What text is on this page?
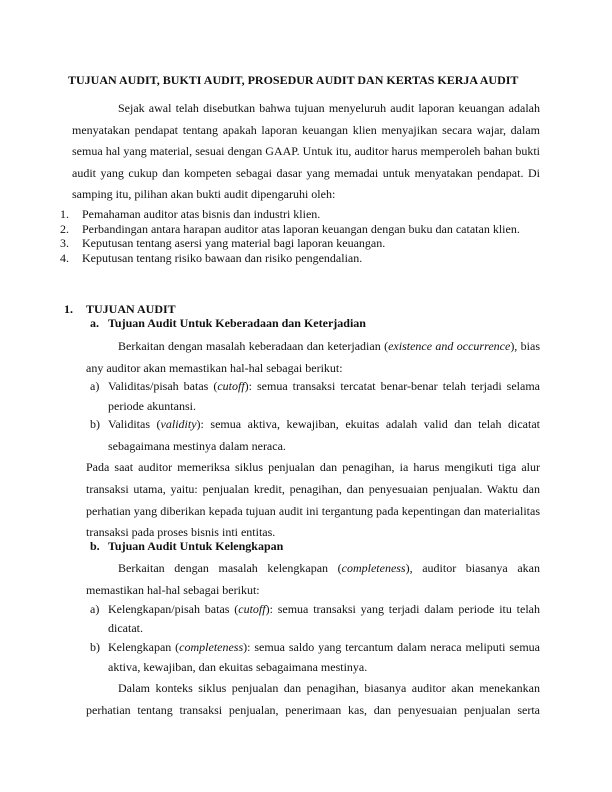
TUJUAN AUDIT, BUKTI AUDIT, PROSEDUR AUDIT DAN KERTAS KERJA AUDIT
Sejak awal telah disebutkan bahwa tujuan menyeluruh audit laporan keuangan adalah
menyatakan pendapat tentang apakah laporan keuangan klien menyajikan secara wajar, dalam
semua hal yang material, sesuai dengan GAAP. Untuk itu, auditor harus memperoleh bahan bukti
audit yang cukup dan kompeten sebagai dasar yang memadai untuk menyatakan pendapat. Di
samping itu, pilihan akan bukti audit dipengaruhi oleh:
1. Pemahaman auditor atas bisnis dan industri klien.
2. Perbandingan antara harapan auditor atas laporan keuangan dengan buku dan catatan klien.
3. Keputusan tentang asersi yang material bagi laporan keuangan.
4. Keputusan tentang risiko bawaan dan risiko pengendalian.
1. TUJUAN AUDIT
a. Tujuan Audit Untuk Keberadaan dan Keterjadian
Berkaitan dengan masalah keberadaan dan keterjadian (existence and occurrence), bias
any auditor akan memastikan hal-hal sebagai berikut:
a) Validitas/pisah batas (cutoff): semua transaksi tercatat benar-benar telah terjadi selama
periode akuntansi.
b) Validitas (validity): semua aktiva, kewajiban, ekuitas adalah valid dan telah dicatat
sebagaimana mestinya dalam neraca.
Pada saat auditor memeriksa siklus penjualan dan penagihan, ia harus mengikuti tiga alur
transaksi utama, yaitu: penjualan kredit, penagihan, dan penyesuaian penjualan. Waktu dan
perhatian yang diberikan kepada tujuan audit ini tergantung pada kepentingan dan materialitas
transaksi pada proses bisnis inti entitas.
b. Tujuan Audit Untuk Kelengkapan
Berkaitan dengan masalah kelengkapan (completeness), auditor biasanya akan
memastikan hal-hal sebagai berikut:
a) Kelengkapan/pisah batas (cutoff): semua transaksi yang terjadi dalam periode itu telah
dicatat.
b) Kelengkapan (completeness): semua saldo yang tercantum dalam neraca meliputi semua
aktiva, kewajiban, dan ekuitas sebagaimana mestinya.
Dalam konteks siklus penjualan dan penagihan, biasanya auditor akan menekankan
perhatian tentang transaksi penjualan, penerimaan kas, dan penyesuaian penjualan serta
